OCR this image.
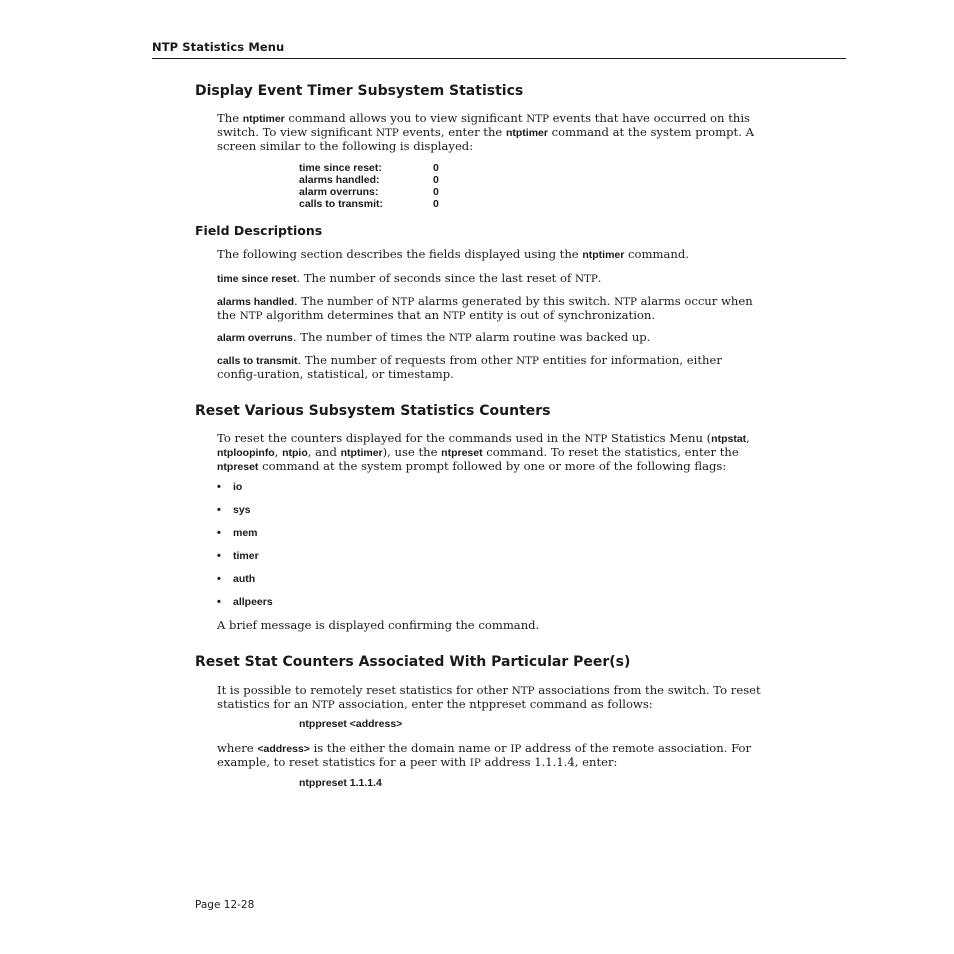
NTP Statistics Menu
Display Event Timer Subsystem Statistics
The ntptimer command allows you to view significant NTP events that have occurred on this switch. To view significant NTP events, enter the ntptimer command at the system prompt. A screen similar to the following is displayed:
time since reset:	0
alarms handled:	0
alarm overruns:	0
calls to transmit:	0
Field Descriptions
The following section describes the fields displayed using the ntptimer command.
time since reset. The number of seconds since the last reset of NTP.
alarms handled. The number of NTP alarms generated by this switch. NTP alarms occur when the NTP algorithm determines that an NTP entity is out of synchronization.
alarm overruns. The number of times the NTP alarm routine was backed up.
calls to transmit. The number of requests from other NTP entities for information, either config-uration, statistical, or timestamp.
Reset Various Subsystem Statistics Counters
To reset the counters displayed for the commands used in the NTP Statistics Menu (ntpstat, ntploopinfo, ntpio, and ntptimer), use the ntpreset command. To reset the statistics, enter the ntpreset command at the system prompt followed by one or more of the following flags:
• io
• sys
• mem
• timer
• auth
• allpeers
A brief message is displayed confirming the command.
Reset Stat Counters Associated With Particular Peer(s)
It is possible to remotely reset statistics for other NTP associations from the switch. To reset statistics for an NTP association, enter the ntppreset command as follows:
ntppreset <address>
where <address> is the either the domain name or IP address of the remote association. For example, to reset statistics for a peer with IP address 1.1.1.4, enter:
ntppreset 1.1.1.4
Page 12-28
